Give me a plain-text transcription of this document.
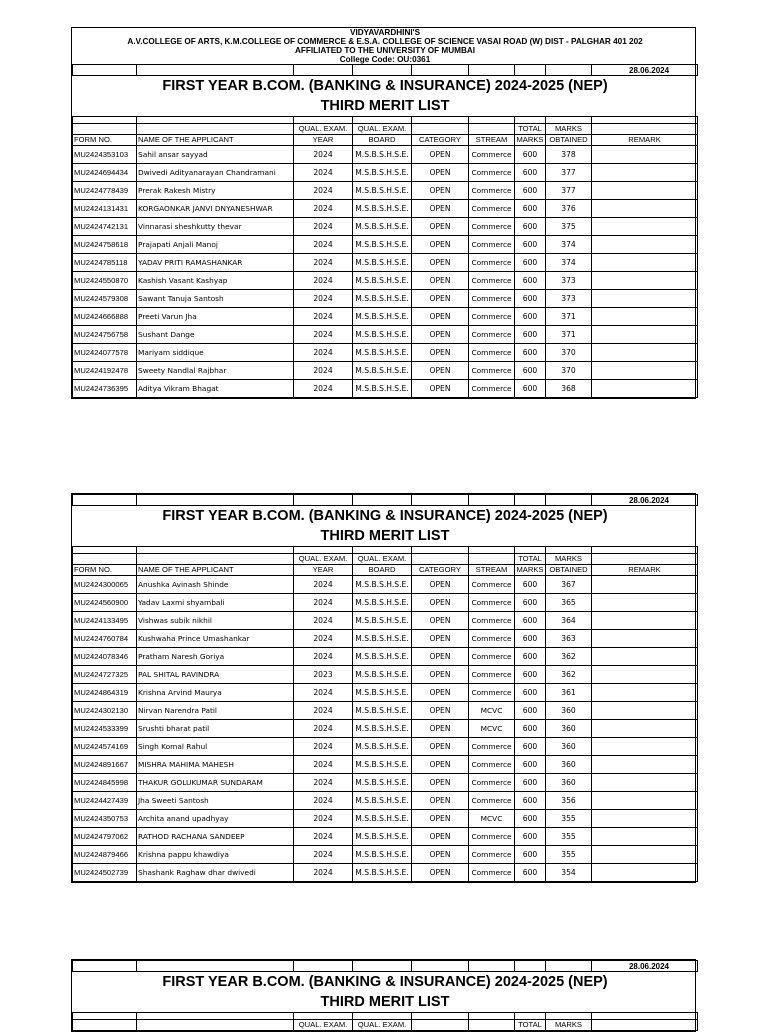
VIDYAVARDHINI'S								
A.V.COLLEGE OF ARTS, K.M.COLLEGE OF COMMERCE & E.S.A. COLLEGE OF SCIENCE VASAI ROAD (W) DIST - PALGHAR 401 202								
AFFILIATED TO THE UNIVERSITY OF MUMBAI								
College Code: OU:0361								
								28.06.2024
FIRST YEAR B.COM. (BANKING & INSURANCE) 2024-2025 (NEP)								
THIRD MERIT LIST								

		QUAL. EXAM.	QUAL. EXAM.			TOTAL	MARKS	
FORM NO.	NAME OF THE APPLICANT	YEAR	BOARD	CATEGORY	STREAM	MARKS	OBTAINED	REMARK
MU2424353103	Sahil ansar sayyad	2024	M.S.B.S.H.S.E.	OPEN	Commerce	600	378	
MU2424694434	Dwivedi Adityanarayan Chandramani	2024	M.S.B.S.H.S.E.	OPEN	Commerce	600	377	
MU2424778439	Prerak Rakesh Mistry	2024	M.S.B.S.H.S.E.	OPEN	Commerce	600	377	
MU2424131431	KORGAONKAR JANVI DNYANESHWAR	2024	M.S.B.S.H.S.E.	OPEN	Commerce	600	376	
MU2424742131	Vinnarasi sheshkutty thevar	2024	M.S.B.S.H.S.E.	OPEN	Commerce	600	375	
MU2424758618	Prajapati Anjali Manoj	2024	M.S.B.S.H.S.E.	OPEN	Commerce	600	374	
MU2424785118	YADAV PRITI RAMASHANKAR	2024	M.S.B.S.H.S.E.	OPEN	Commerce	600	374	
MU2424550870	Kashish Vasant Kashyap	2024	M.S.B.S.H.S.E.	OPEN	Commerce	600	373	
MU2424579308	Sawant Tanuja Santosh	2024	M.S.B.S.H.S.E.	OPEN	Commerce	600	373	
MU2424666888	Preeti Varun Jha	2024	M.S.B.S.H.S.E.	OPEN	Commerce	600	371	
MU2424756758	Sushant Dange	2024	M.S.B.S.H.S.E.	OPEN	Commerce	600	371	
MU2424077578	Mariyam siddique	2024	M.S.B.S.H.S.E.	OPEN	Commerce	600	370	
MU2424192478	Sweety Nandlal Rajbhar	2024	M.S.B.S.H.S.E.	OPEN	Commerce	600	370	
MU2424736395	Aditya Vikram Bhagat	2024	M.S.B.S.H.S.E.	OPEN	Commerce	600	368	
								28.06.2024
FIRST YEAR B.COM. (BANKING & INSURANCE) 2024-2025 (NEP)								
THIRD MERIT LIST								

		QUAL. EXAM.	QUAL. EXAM.			TOTAL	MARKS	
FORM NO.	NAME OF THE APPLICANT	YEAR	BOARD	CATEGORY	STREAM	MARKS	OBTAINED	REMARK
MU2424300065	Anushka Avinash Shinde	2024	M.S.B.S.H.S.E.	OPEN	Commerce	600	367	
MU2424560900	Yadav Laxmi shyambali	2024	M.S.B.S.H.S.E.	OPEN	Commerce	600	365	
MU2424133495	Vishwas subik nikhil	2024	M.S.B.S.H.S.E.	OPEN	Commerce	600	364	
MU2424760784	Kushwaha Prince Umashankar	2024	M.S.B.S.H.S.E.	OPEN	Commerce	600	363	
MU2424078346	Pratham Naresh Goriya	2024	M.S.B.S.H.S.E.	OPEN	Commerce	600	362	
MU2424727325	PAL SHITAL RAVINDRA	2023	M.S.B.S.H.S.E.	OPEN	Commerce	600	362	
MU2424864319	Krishna Arvind Maurya	2024	M.S.B.S.H.S.E.	OPEN	Commerce	600	361	
MU2424302130	Nirvan Narendra Patil	2024	M.S.B.S.H.S.E.	OPEN	MCVC	600	360	
MU2424533399	Srushti bharat patil	2024	M.S.B.S.H.S.E.	OPEN	MCVC	600	360	
MU2424574169	Singh Komal Rahul	2024	M.S.B.S.H.S.E.	OPEN	Commerce	600	360	
MU2424891667	MISHRA MAHIMA MAHESH	2024	M.S.B.S.H.S.E.	OPEN	Commerce	600	360	
MU2424845998	THAKUR GOLUKUMAR SUNDARAM	2024	M.S.B.S.H.S.E.	OPEN	Commerce	600	360	
MU2424427439	Jha Sweeti Santosh	2024	M.S.B.S.H.S.E.	OPEN	Commerce	600	356	
MU2424350753	Archita anand upadhyay	2024	M.S.B.S.H.S.E.	OPEN	MCVC	600	355	
MU2424797062	RATHOD RACHANA SANDEEP	2024	M.S.B.S.H.S.E.	OPEN	Commerce	600	355	
MU2424879466	Krishna pappu khawdiya	2024	M.S.B.S.H.S.E.	OPEN	Commerce	600	355	
MU2424502739	Shashank Raghaw dhar dwivedi	2024	M.S.B.S.H.S.E.	OPEN	Commerce	600	354	
								28.06.2024
FIRST YEAR B.COM. (BANKING & INSURANCE) 2024-2025 (NEP)								
THIRD MERIT LIST								

		QUAL. EXAM.	QUAL. EXAM.			TOTAL	MARKS	
